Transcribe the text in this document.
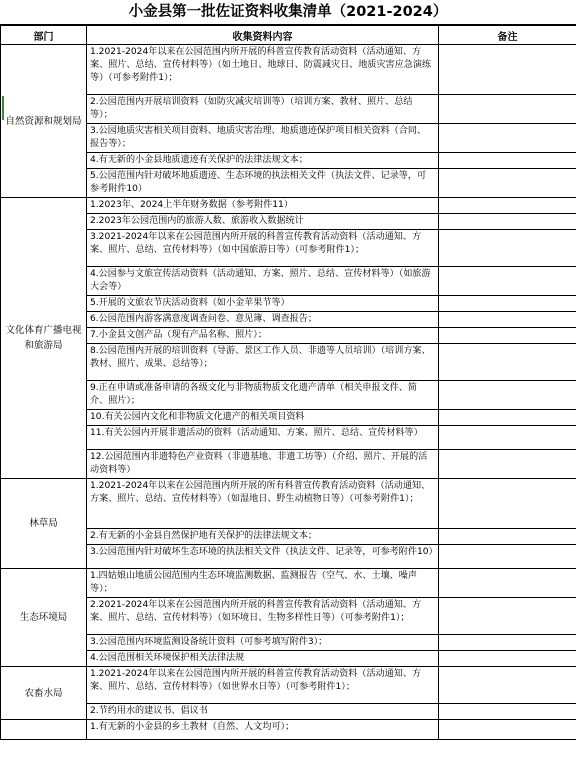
小金县第一批佐证资料收集清单（2021-2024）
部门	收集资料内容	备注
自然资源和规划局	1.2021-2024年以来在公园范围内所开展的科普宣传教育活动资料（活动通知、方案、照片、总结、宣传材料等）（如土地日、地球日、防震减灾日、地质灾害应急演练等）（可参考附件1）；	
	2.公园范围内开展培训资料（如防灾减灾培训等）（培训方案、教材、照片、总结等）；	
	3.公园地质灾害相关项目资料、地质灾害治理、地质遗迹保护项目相关资料（合同、报告等）；	
	4.有无新的小金县地质遗迹有关保护的法律法规文本；	
	5.公园范围内针对破坏地质遗迹、生态环境的执法相关文件（执法文件、记录等，可参考附件10）	
文化体育广播电视和旅游局	1.2023年、2024上半年财务数据（参考附件11）	
	2.2023年公园范围内的旅游人数、旅游收入数据统计	
	3.2021-2024年以来在公园范围内所开展的科普宣传教育活动资料（活动通知、方案、照片、总结、宣传材料等）（如中国旅游日等）（可参考附件1）；	
	4.公园参与文旅宣传活动资料（活动通知、方案、照片、总结、宣传材料等）（如旅游大会等）	
	5.开展的文旅农节庆活动资料（如小金苹果节等）	
	6.公园范围内游客满意度调查问卷、意见簿、调查报告；	
	7.小金县文创产品（现有产品名称、照片）；	
	8.公园范围内开展的培训资料（导游、景区工作人员、非遗等人员培训）（培训方案、教材、照片、成果、总结等）；	
	9.正在申请或准备申请的各级文化与非物质物质文化遗产清单（相关申报文件、简介、照片）；	
	10.有关公园内文化和非物质文化遗产的相关项目资料	
	11.有关公园内开展非遗活动的资料（活动通知、方案、照片、总结、宣传材料等）	
	12.公园范围内非遗特色产业资料（非遗基地、非遗工坊等）（介绍、照片、开展的活动资料等）	
林草局	1.2021-2024年以来在公园范围内所开展的所有科普宣传教育活动资料（活动通知、方案、照片、总结、宣传材料等）（如湿地日、野生动植物日等）（可参考附件1）；	
	2.有无新的小金县自然保护地有关保护的法律法规文本；	
	3.公园范围内针对破坏生态环境的执法相关文件（执法文件、记录等，可参考附件10）	
生态环境局	1.四姑娘山地质公园范围内生态环境监测数据、监测报告（空气、水、土壤、噪声等）；	
	2.2021-2024年以来在公园范围内所开展的科普宣传教育活动资料（活动通知、方案、照片、总结、宣传材料等）（如环境日、生物多样性日等）（可参考附件1）；	
	3.公园范围内环境监测设备统计资料（可参考填写附件3）；	
	4.公园范围相关环境保护相关法律法规	
农畜水局	1.2021-2024年以来在公园范围内所开展的科普宣传教育活动资料（活动通知、方案、照片、总结、宣传材料等）（如世界水日等）（可参考附件1）；	
	2.节约用水的建议书、倡议书	
	1.有无新的小金县的乡土教材（自然、人文均可）；	
